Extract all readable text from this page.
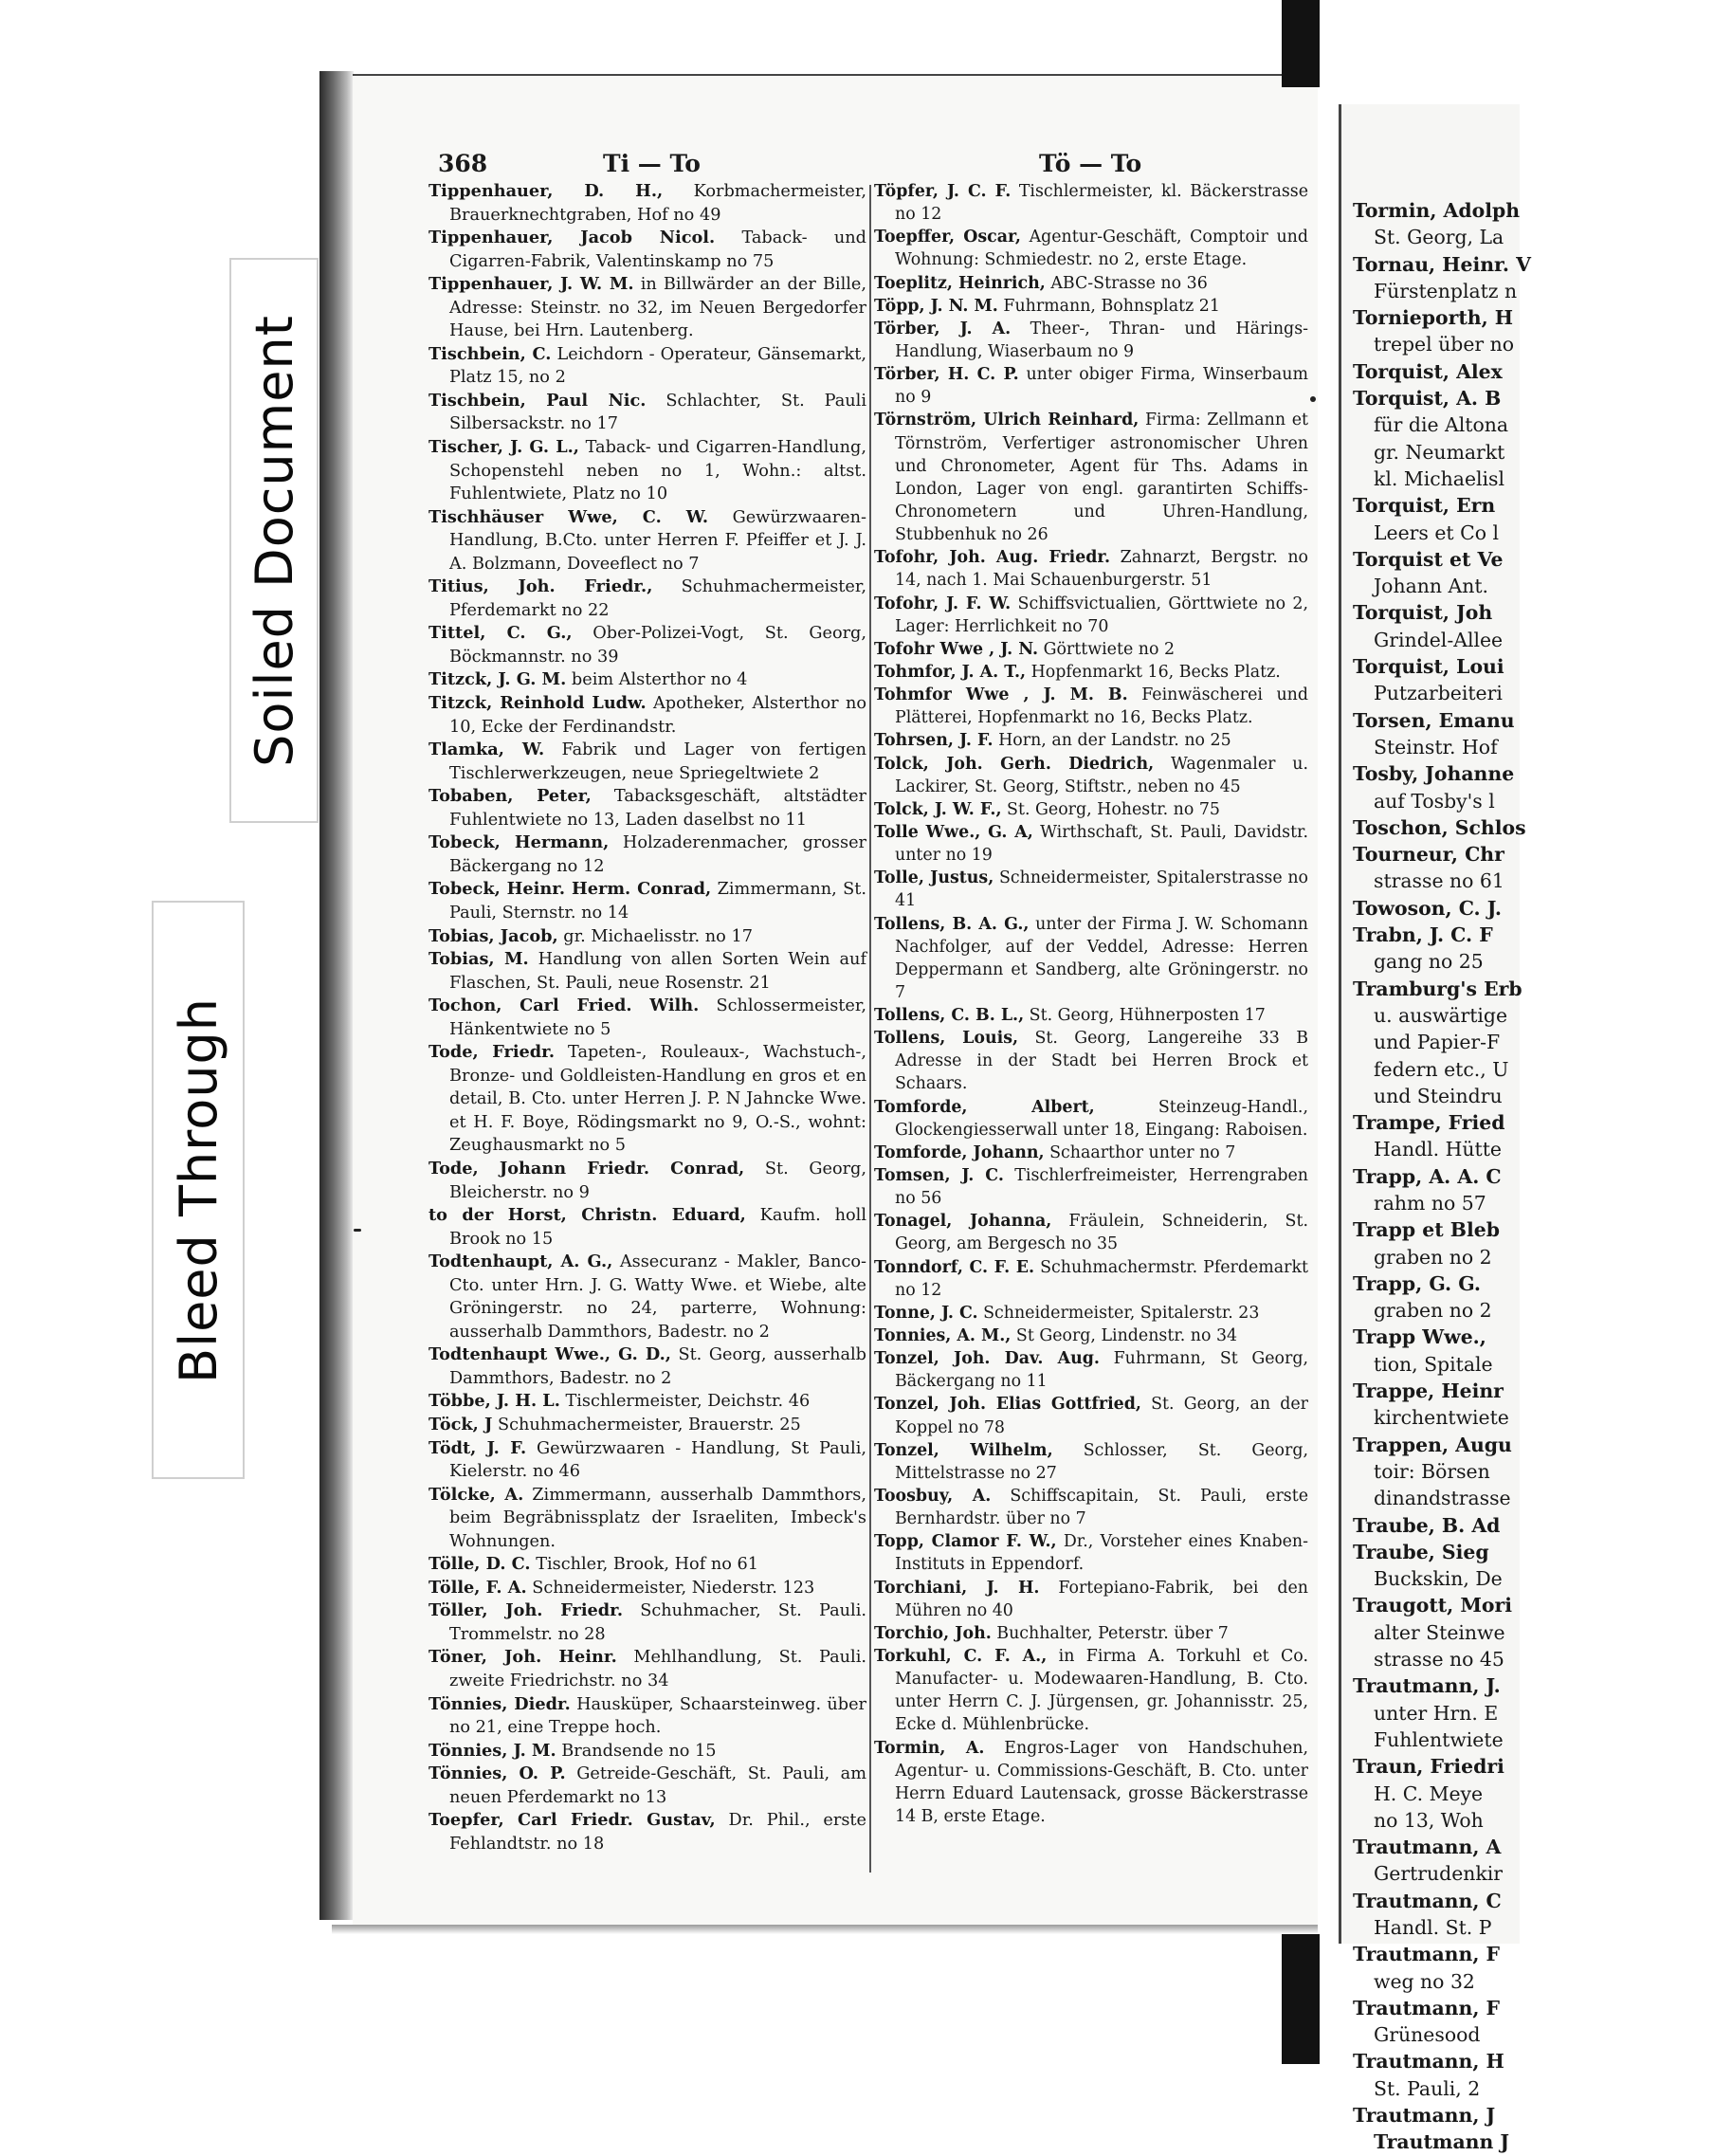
Tormin, Adolph
St. Georg, La
Tornau, Heinr. V
Fürstenplatz n
Tornieporth, H
trepel über no
Torquist, Alex
Torquist, A. B
für die Altona
gr. Neumarkt
kl. Michaelisl
Torquist, Ern
Leers et Co l
Torquist et Ve
Johann Ant.
Torquist, Joh
Grindel-Allee
Torquist, Loui
Putzarbeiteri
Torsen, Emanu
Steinstr. Hof
Tosby, Johanne
auf Tosby's l
Toschon, Schlos
Tourneur, Chr
strasse no 61
Towoson, C. J.
Trabn, J. C. F
gang no 25
Tramburg's Erb
u. auswärtige
und Papier-F
federn etc., U
und Steindru
Trampe, Fried
Handl. Hütte
Trapp, A. A. C
rahm no 57
Trapp et Bleb
graben no 2
Trapp, G. G.
graben no 2
Trapp Wwe.,
tion, Spitale
Trappe, Heinr
kirchentwiete
Trappen, Augu
toir: Börsen
dinandstrasse
Traube, B. Ad
Traube, Sieg
Buckskin, De
Traugott, Mori
alter Steinwe
strasse no 45
Trautmann, J.
unter Hrn. E
Fuhlentwiete
Traun, Friedri
H. C. Meye
no 13, Woh
Trautmann, A
Gertrudenkir
Trautmann, C
Handl. St. P
Trautmann, F
weg no 32
Trautmann, F
Grünesood
Trautmann, H
St. Pauli, 2
Trautmann, J
Trautmann J
Soiled Document
Bleed Through
368	Ti — To	Tö — To

Tippenhauer, D. H., Korbmachermeister, Brauerknechtgraben, Hof no 49

Tippenhauer, Jacob Nicol. Taback- und Cigarren-Fabrik, Valentinskamp no 75

Tippenhauer, J. W. M. in Billwärder an der Bille, Adresse: Steinstr. no 32, im Neuen Bergedorfer Hause, bei Hrn. Lautenberg.

Tischbein, C. Leichdorn - Operateur, Gänsemarkt, Platz 15, no 2

Tischbein, Paul Nic. Schlachter, St. Pauli Silbersackstr. no 17

Tischer, J. G. L., Taback- und Cigarren-Handlung, Schopenstehl neben no 1, Wohn.: altst. Fuhlentwiete, Platz no 10

Tischhäuser Wwe, C. W. Gewürzwaaren-Handlung, B.Cto. unter Herren F. Pfeiffer et J. J. A. Bolzmann, Doveeflect no 7

Titius, Joh. Friedr., Schuhmachermeister, Pferdemarkt no 22

Tittel, C. G., Ober-Polizei-Vogt, St. Georg, Böckmannstr. no 39

Titzck, J. G. M. beim Alsterthor no 4

Titzck, Reinhold Ludw. Apotheker, Alsterthor no 10, Ecke der Ferdinandstr.

Tlamka, W. Fabrik und Lager von fertigen Tischlerwerkzeugen, neue Spriegeltwiete 2

Tobaben, Peter, Tabacksgeschäft, altstädter Fuhlentwiete no 13, Laden daselbst no 11

Tobeck, Hermann, Holzaderenmacher, grosser Bäckergang no 12

Tobeck, Heinr. Herm. Conrad, Zimmermann, St. Pauli, Sternstr. no 14

Tobias, Jacob, gr. Michaelisstr. no 17

Tobias, M. Handlung von allen Sorten Wein auf Flaschen, St. Pauli, neue Rosenstr. 21

Tochon, Carl Fried. Wilh. Schlossermeister, Hänkentwiete no 5

Tode, Friedr. Tapeten-, Rouleaux-, Wachstuch-, Bronze- und Goldleisten-Handlung en gros et en detail, B. Cto. unter Herren J. P. N Jahncke Wwe. et H. F. Boye, Rödingsmarkt no 9, O.-S., wohnt: Zeughausmarkt no 5

Tode, Johann Friedr. Conrad, St. Georg, Bleicherstr. no 9

to der Horst, Christn. Eduard, Kaufm. holl Brook no 15

Todtenhaupt, A. G., Assecuranz - Makler, Banco-Cto. unter Hrn. J. G. Watty Wwe. et Wiebe, alte Gröningerstr. no 24, parterre, Wohnung: ausserhalb Dammthors, Badestr. no 2

Todtenhaupt Wwe., G. D., St. Georg, ausserhalb Dammthors, Badestr. no 2

Többe, J. H. L. Tischlermeister, Deichstr. 46

Töck, J Schuhmachermeister, Brauerstr. 25

Tödt, J. F. Gewürzwaaren - Handlung, St Pauli, Kielerstr. no 46

Tölcke, A. Zimmermann, ausserhalb Dammthors, beim Begräbnissplatz der Israeliten, Imbeck's Wohnungen.

Tölle, D. C. Tischler, Brook, Hof no 61

Tölle, F. A. Schneidermeister, Niederstr. 123

Töller, Joh. Friedr. Schuhmacher, St. Pauli. Trommelstr. no 28

Töner, Joh. Heinr. Mehlhandlung, St. Pauli. zweite Friedrichstr. no 34

Tönnies, Diedr. Hausküper, Schaarsteinweg. über no 21, eine Treppe hoch.

Tönnies, J. M. Brandsende no 15

Tönnies, O. P. Getreide-Geschäft, St. Pauli, am neuen Pferdemarkt no 13

Toepfer, Carl Friedr. Gustav, Dr. Phil., erste Fehlandtstr. no 18

Töpfer, J. C. F. Tischlermeister, kl. Bäckerstrasse no 12

Toepffer, Oscar, Agentur-Geschäft, Comptoir und Wohnung: Schmiedestr. no 2, erste Etage.

Toeplitz, Heinrich, ABC-Strasse no 36

Töpp, J. N. M. Fuhrmann, Bohnsplatz 21

Törber, J. A. Theer-, Thran- und Härings-Handlung, Wiaserbaum no 9

Törber, H. C. P. unter obiger Firma, Winserbaum no 9

Törnström, Ulrich Reinhard, Firma: Zellmann et Törnström, Verfertiger astronomischer Uhren und Chronometer, Agent für Ths. Adams in London, Lager von engl. garantirten Schiffs-Chronometern und Uhren-Handlung, Stubbenhuk no 26

Tofohr, Joh. Aug. Friedr. Zahnarzt, Bergstr. no 14, nach 1. Mai Schauenburgerstr. 51

Tofohr, J. F. W. Schiffsvictualien, Görttwiete no 2, Lager: Herrlichkeit no 70

Tofohr Wwe , J. N. Görttwiete no 2

Tohmfor, J. A. T., Hopfenmarkt 16, Becks Platz.

Tohmfor Wwe , J. M. B. Feinwäscherei und Plätterei, Hopfenmarkt no 16, Becks Platz.

Tohrsen, J. F. Horn, an der Landstr. no 25

Tolck, Joh. Gerh. Diedrich, Wagenmaler u. Lackirer, St. Georg, Stiftstr., neben no 45

Tolck, J. W. F., St. Georg, Hohestr. no 75

Tolle Wwe., G. A, Wirthschaft, St. Pauli, Davidstr. unter no 19

Tolle, Justus, Schneidermeister, Spitalerstrasse no 41

Tollens, B. A. G., unter der Firma J. W. Schomann Nachfolger, auf der Veddel, Adresse: Herren Deppermann et Sandberg, alte Gröningerstr. no 7

Tollens, C. B. L., St. Georg, Hühnerposten 17

Tollens, Louis, St. Georg, Langereihe 33 B Adresse in der Stadt bei Herren Brock et Schaars.

Tomforde, Albert, Steinzeug-Handl., Glockengiesserwall unter 18, Eingang: Raboisen.

Tomforde, Johann, Schaarthor unter no 7

Tomsen, J. C. Tischlerfreimeister, Herrengraben no 56

Tonagel, Johanna, Fräulein, Schneiderin, St. Georg, am Bergesch no 35

Tonndorf, C. F. E. Schuhmachermstr. Pferdemarkt no 12

Tonne, J. C. Schneidermeister, Spitalerstr. 23

Tonnies, A. M., St Georg, Lindenstr. no 34

Tonzel, Joh. Dav. Aug. Fuhrmann, St Georg, Bäckergang no 11

Tonzel, Joh. Elias Gottfried, St. Georg, an der Koppel no 78

Tonzel, Wilhelm, Schlosser, St. Georg, Mittelstrasse no 27

Toosbuy, A. Schiffscapitain, St. Pauli, erste Bernhardstr. über no 7

Topp, Clamor F. W., Dr., Vorsteher eines Knaben-Instituts in Eppendorf.

Torchiani, J. H. Fortepiano-Fabrik, bei den Mühren no 40

Torchio, Joh. Buchhalter, Peterstr. über 7

Torkuhl, C. F. A., in Firma A. Torkuhl et Co. Manufacter- u. Modewaaren-Handlung, B. Cto. unter Herrn C. J. Jürgensen, gr. Johannisstr. 25, Ecke d. Mühlenbrücke.

Tormin, A. Engros-Lager von Handschuhen, Agentur- u. Commissions-Geschäft, B. Cto. unter Herrn Eduard Lautensack, grosse Bäckerstrasse 14 B, erste Etage.
